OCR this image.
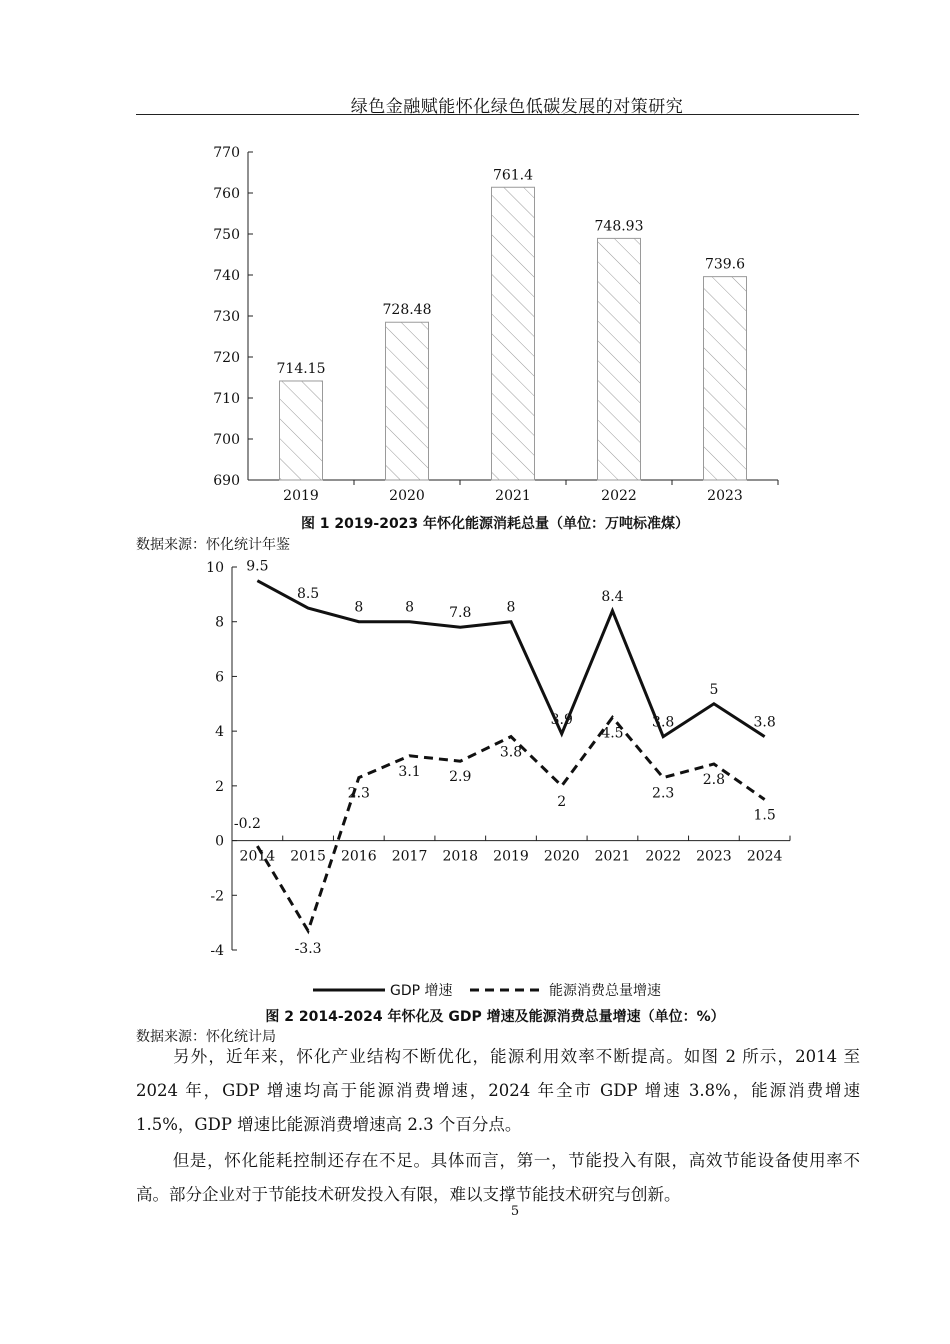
绿色金融赋能怀化绿色低碳发展的对策研究
690
700
710
720
730
740
750
760
770
714.15
2019
728.48
2020
761.4
2021
748.93
2022
739.6
2023
-4
-2
0
2
4
6
8
10
2014 2015 2016 2017 2018 2019 2020 2021 2022 2023 2024
9.5
8.5
8	8	7.8	8
3.9
8.4
3.8
5
3.8
-0.2
-3.3
2.3
3.1 2.9
3.8
2
4.5
2.3
2.8
1.5
GDP 增速	能源消费总量增速
图 1 2019-2023 年怀化能源消耗总量（单位：万吨标准煤）
数据来源：怀化统计年鉴
图 2 2014-2024 年怀化及 GDP 增速及能源消费总量增速（单位：%）
数据来源：怀化统计局
另外，近年来，怀化产业结构不断优化，能源利用效率不断提高。如图 2 所示，2014 至 2024 年，GDP 增速均高于能源消费增速，2024 年全市 GDP 增速 3.8%，能源消费增速 1.5%，GDP 增速比能源消费增速高 2.3 个百分点。
但是，怀化能耗控制还存在不足。具体而言，第一，节能投入有限，高效节能设备使用率不高。部分企业对于节能技术研发投入有限，难以支撑节能技术研究与创新。
5
